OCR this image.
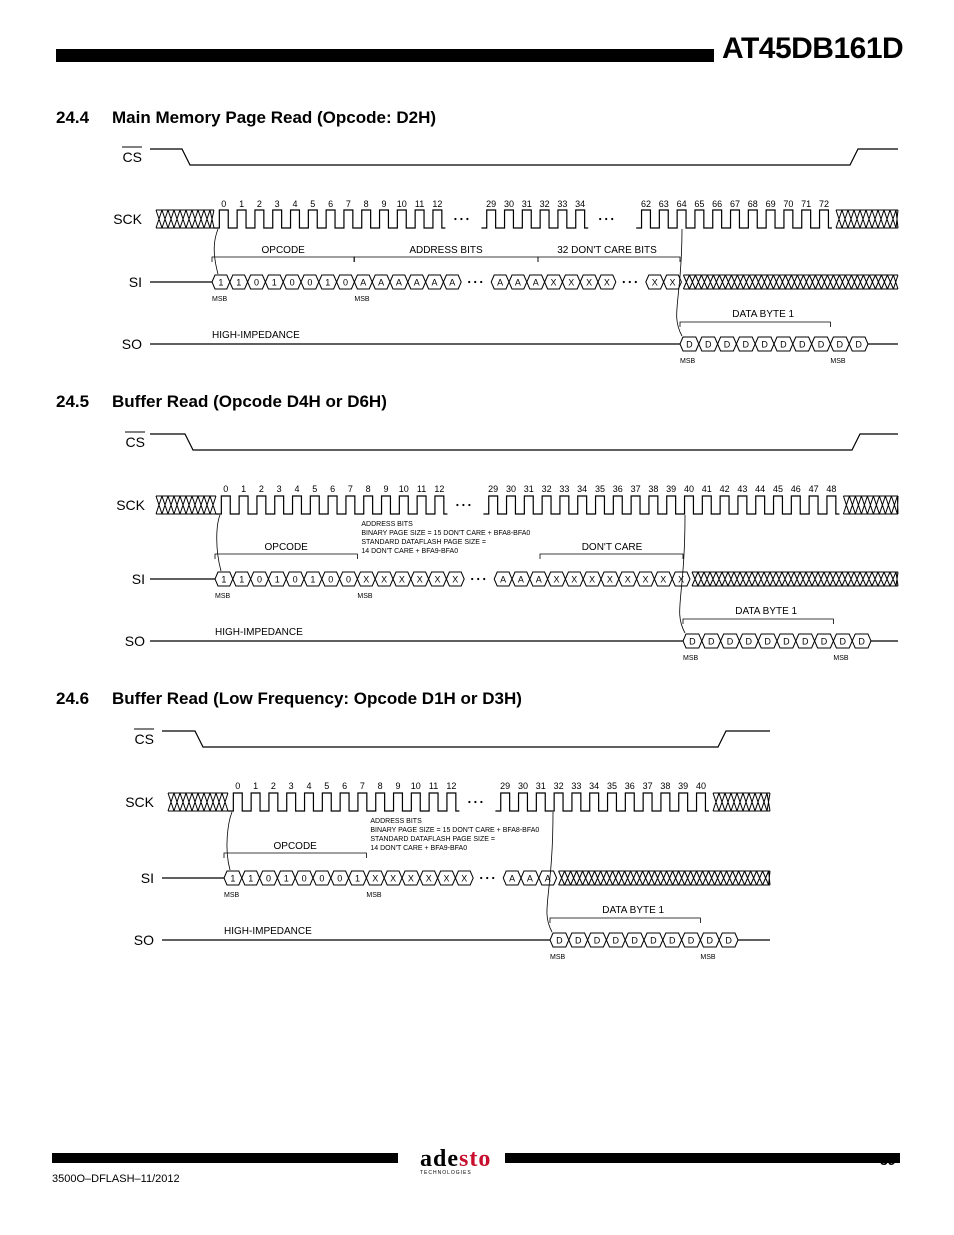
AT45DB161D
24.4 Main Memory Page Read (Opcode: D2H)
24.5 Buffer Read (Opcode D4H or D6H)
24.6 Buffer Read (Low Frequency: Opcode D1H or D3H)
CS
SCK
SI
SO
0 1 2 3 4 5 6 7 8 9 10 11 12	29 30 31 32 33 34	62 63 64 65 66 67 68 69 70 71 72
1 1 0 1 0 0 1 0 A A A A A A	A A A X X X X	X X
MSB	MSB
OPCODE	ADDRESS BITS	32 DON'T CARE BITS
HIGH-IMPEDANCE
D D D D D D D D D D
MSB	MSB
DATA BYTE 1
CS
SCK
SI
SO
0 1 2 3 4 5 6 7 8 9 10 11 12	29 30 31 32 33 34 35 36 37 38 39 40 41 42 43 44 45 46 47 48
1 1 0 1 0 1 0 0 X X X X X X	A A A X X X X X X X X
MSB	MSB
OPCODE	DON'T CARE
ADDRESS BITS
BINARY PAGE SIZE = 15 DON'T CARE + BFA8-BFA0
STANDARD DATAFLASH PAGE SIZE =
14 DON'T CARE + BFA9-BFA0
HIGH-IMPEDANCE
D D D D D D D D D D
MSB	MSB
DATA BYTE 1
CS
SCK
SI
SO
0 1 2 3 4 5 6 7 8 9 10 11 12	29 30 31 32 33 34 35 36 37 38 39 40
1 1 0 1 0 0 0 1 X X X X X X	A A A
MSB	MSB
OPCODE
ADDRESS BITS
BINARY PAGE SIZE = 15 DON'T CARE + BFA8-BFA0
STANDARD DATAFLASH PAGE SIZE =
14 DON'T CARE + BFA9-BFA0
HIGH-IMPEDANCE
D D D D D D D D D D
MSB	MSB
DATA BYTE 1
39
3500O–DFLASH–11/2012
adesto
TECHNOLOGIES
